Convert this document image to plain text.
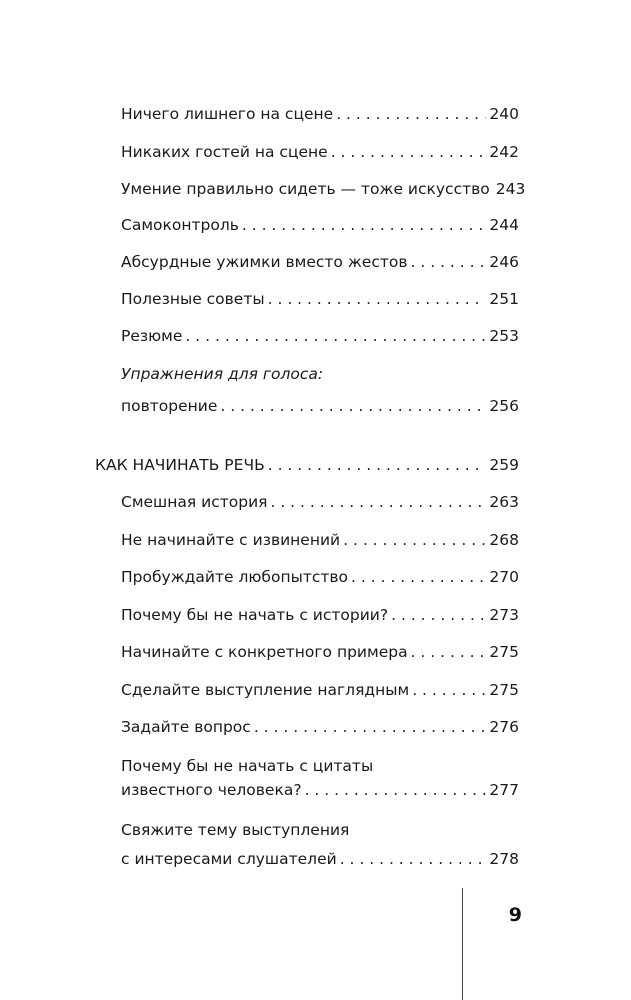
Ничего лишнего на сцене . . .	240
Никаких гостей на сцене . . .	242
Умение правильно сидеть — тоже искусство 243
Самоконтроль . . .	244
Абсурдные ужимки вместо жестов . . .	246
Полезные советы . . .	251
Резюме . . .	253
Упражнения для голоса:
повторение . . .	256
КАК НАЧИНАТЬ РЕЧЬ . . .	259
Смешная история . . .	263
Не начинайте с извинений . . .	268
Пробуждайте любопытство . . .	270
Почему бы не начать с истории? . . .	273
Начинайте с конкретного примера . . .	275
Сделайте выступление наглядным . . .	275
Задайте вопрос . . .	276
Почему бы не начать с цитаты
известного человека? . . .	277
Свяжите тему выступления
с интересами слушателей . . .	278
9
